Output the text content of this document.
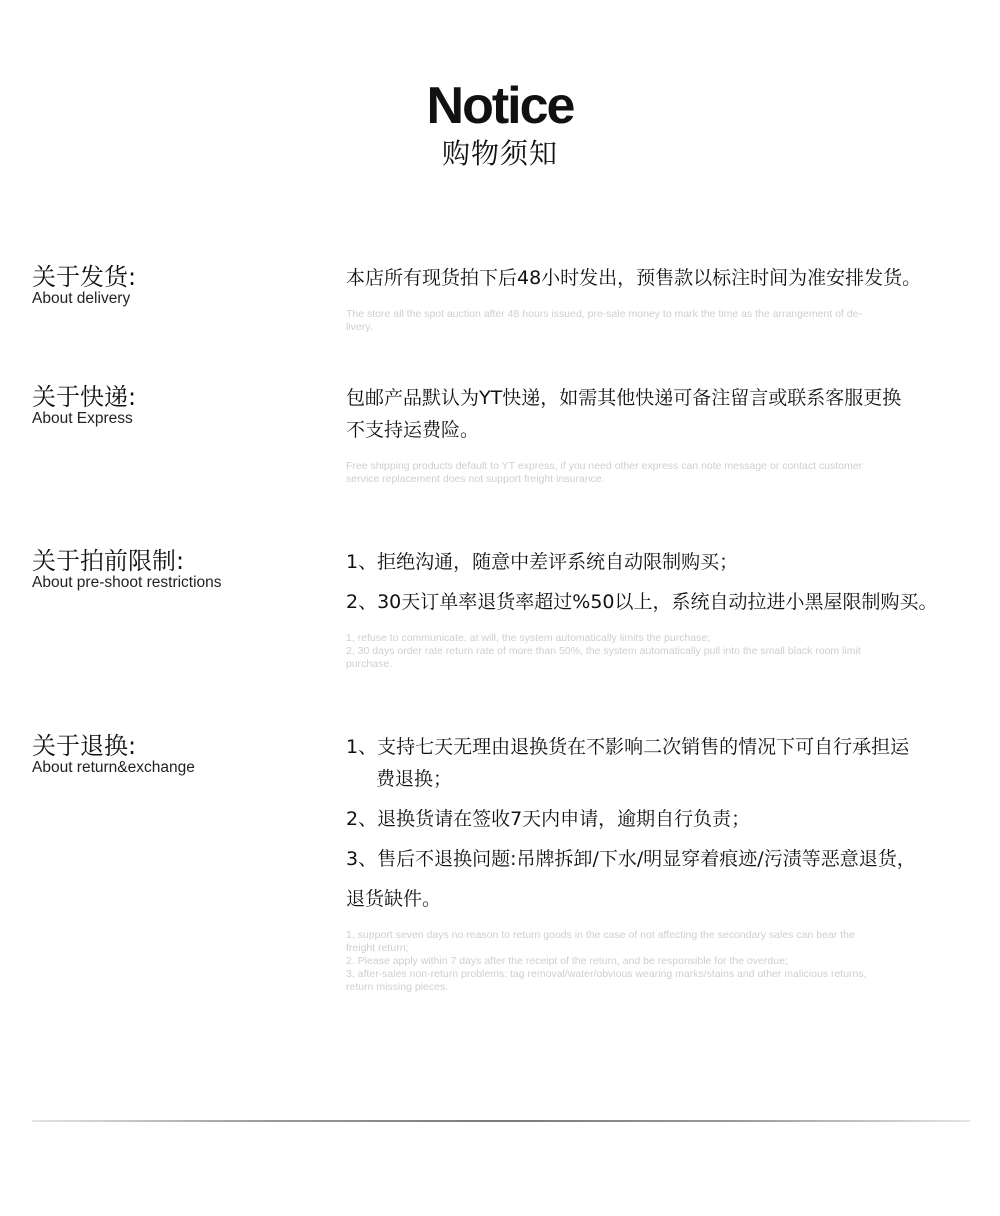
Notice
购物须知
关于发货:
About delivery

本店所有现货拍下后48小时发出，预售款以标注时间为准安排发货。

The store all the spot auction after 48 hours issued, pre-sale money to mark the time as the arrangement of de-

livery.

关于快递:
About Express

包邮产品默认为YT快递，如需其他快递可备注留言或联系客服更换

不支持运费险。

Free shipping products default to YT express, if you need other express can note message or contact customer

service replacement does not support freight insurance.

关于拍前限制:
About pre-shoot restrictions

1、拒绝沟通，随意中差评系统自动限制购买；

2、30天订单率退货率超过%50以上，系统自动拉进小黑屋限制购买。

1, refuse to communicate, at will, the system automatically limits the purchase;

2, 30 days order rate return rate of more than 50%, the system automatically pull into the small black room limit

purchase.

关于退换:
About return&exchange

1、支持七天无理由退换货在不影响二次销售的情况下可自行承担运

费退换；

2、退换货请在签收7天内申请，逾期自行负责；

3、售后不退换问题:吊牌拆卸/下水/明显穿着痕迹/污渍等恶意退货，

退货缺件。

1, support seven days no reason to return goods in the case of not affecting the secondary sales can bear the

freight return;

2. Please apply within 7 days after the receipt of the return, and be responsible for the overdue;

3, after-sales non-return problems: tag removal/water/obvious wearing marks/stains and other malicious returns,

return missing pieces.
